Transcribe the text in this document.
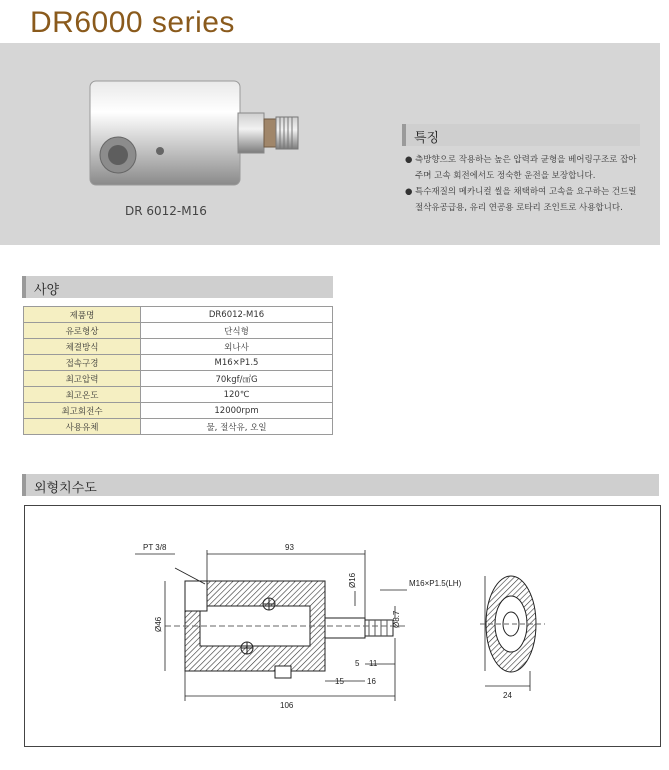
DR6000 series
DR 6012-M16
특징
● 측방향으로 작용하는 높은 압력과 균형을 베어링구조로 잡아주며 고속 회전에서도 정숙한 운전을 보장합니다.
● 특수재질의 메카니컬 씰을 채택하여 고속을 요구하는 건드릴 절삭유공급용, 유리 연공용 로타리 조인트로 사용합니다.
사양
제품명	DR6012-M16
유로형상	단식형
체결방식	외나사
접속구경	M16×P1.5
최고압력	70kgf/㎠G
최고온도	120℃
최고회전수	12000rpm
사용유체	물, 절삭유, 오일
외형치수도
PT 3/8	93
Ø46
Ø16	M16×P1.5(LH)
Ø8.7
5 11
15	16
106
24
